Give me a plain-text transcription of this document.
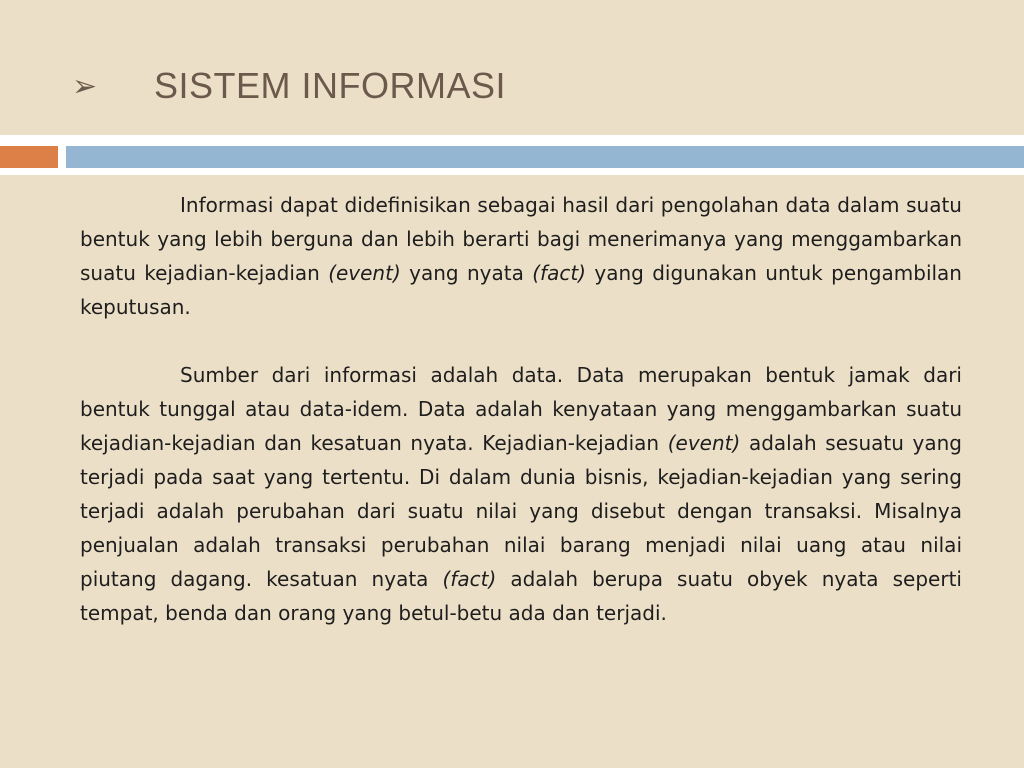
➢	SISTEM INFORMASI

Informasi dapat didefinisikan sebagai hasil dari pengolahan data dalam suatu bentuk yang lebih berguna dan lebih berarti bagi menerimanya yang menggambarkan suatu kejadian-kejadian (event) yang nyata (fact) yang digunakan untuk pengambilan keputusan.

Sumber dari informasi adalah data. Data merupakan bentuk jamak dari bentuk tunggal atau data-idem. Data adalah kenyataan yang menggambarkan suatu kejadian-kejadian dan kesatuan nyata. Kejadian-kejadian (event) adalah sesuatu yang terjadi pada saat yang tertentu. Di dalam dunia bisnis, kejadian-kejadian yang sering terjadi adalah perubahan dari suatu nilai yang disebut dengan transaksi. Misalnya penjualan adalah transaksi perubahan nilai barang menjadi nilai uang atau nilai piutang dagang. kesatuan nyata (fact) adalah berupa suatu obyek nyata seperti tempat, benda dan orang yang betul-betu ada dan terjadi.
